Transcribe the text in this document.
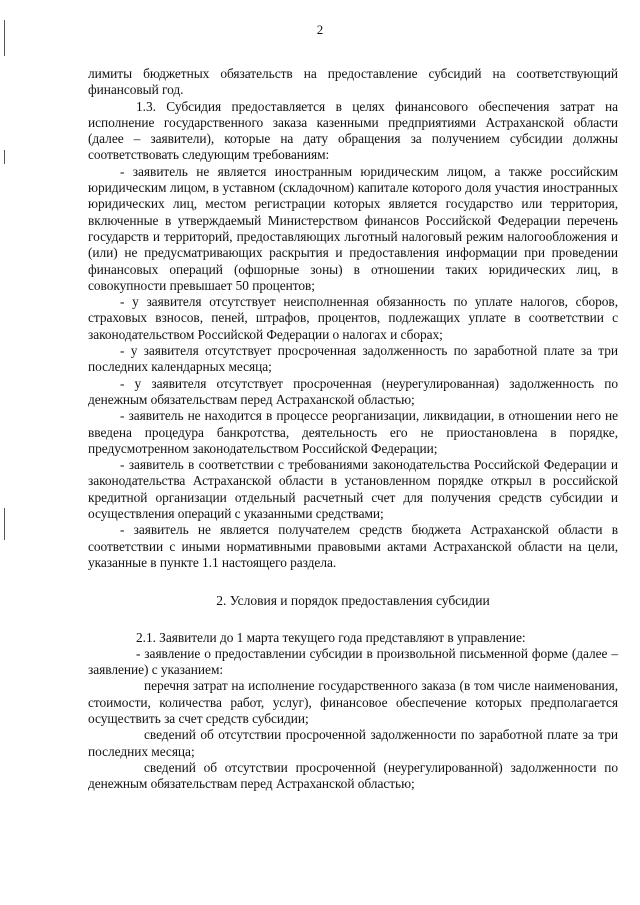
2

лимиты бюджетных обязательств на предоставление субсидий на соответствующий финансовый год.

1.3. Субсидия предоставляется в целях финансового обеспечения затрат на исполнение государственного заказа казенными предприятиями Астраханской области (далее – заявители), которые на дату обращения за получением субсидии должны соответствовать следующим требованиям:

- заявитель не является иностранным юридическим лицом, а также российским юридическим лицом, в уставном (складочном) капитале которого доля участия иностранных юридических лиц, местом регистрации которых является государство или территория, включенные в утверждаемый Министерством финансов Российской Федерации перечень государств и территорий, предоставляющих льготный налоговый режим налогообложения и (или) не предусматривающих раскрытия и предоставления информации при проведении финансовых операций (офшорные зоны) в отношении таких юридических лиц, в совокупности превышает 50 процентов;

- у заявителя отсутствует неисполненная обязанность по уплате налогов, сборов, страховых взносов, пеней, штрафов, процентов, подлежащих уплате в соответствии с законодательством Российской Федерации о налогах и сборах;

- у заявителя отсутствует просроченная задолженность по заработной плате за три последних календарных месяца;

- у заявителя отсутствует просроченная (неурегулированная) задолженность по денежным обязательствам перед Астраханской областью;

- заявитель не находится в процессе реорганизации, ликвидации, в отношении него не введена процедура банкротства, деятельность его не приостановлена в порядке, предусмотренном законодательством Российской Федерации;

- заявитель в соответствии с требованиями законодательства Российской Федерации и законодательства Астраханской области в установленном порядке открыл в российской кредитной организации отдельный расчетный счет для получения средств субсидии и осуществления операций с указанными средствами;

- заявитель не является получателем средств бюджета Астраханской области в соответствии с иными нормативными правовыми актами Астраханской области на цели, указанные в пункте 1.1 настоящего раздела.

2. Условия и порядок предоставления субсидии

2.1. Заявители до 1 марта текущего года представляют в управление:

- заявление о предоставлении субсидии в произвольной письменной форме (далее – заявление) с указанием:

перечня затрат на исполнение государственного заказа (в том числе наименования, стоимости, количества работ, услуг), финансовое обеспечение которых предполагается осуществить за счет средств субсидии;

сведений об отсутствии просроченной задолженности по заработной плате за три последних месяца;

сведений об отсутствии просроченной (неурегулированной) задолженности по денежным обязательствам перед Астраханской областью;
